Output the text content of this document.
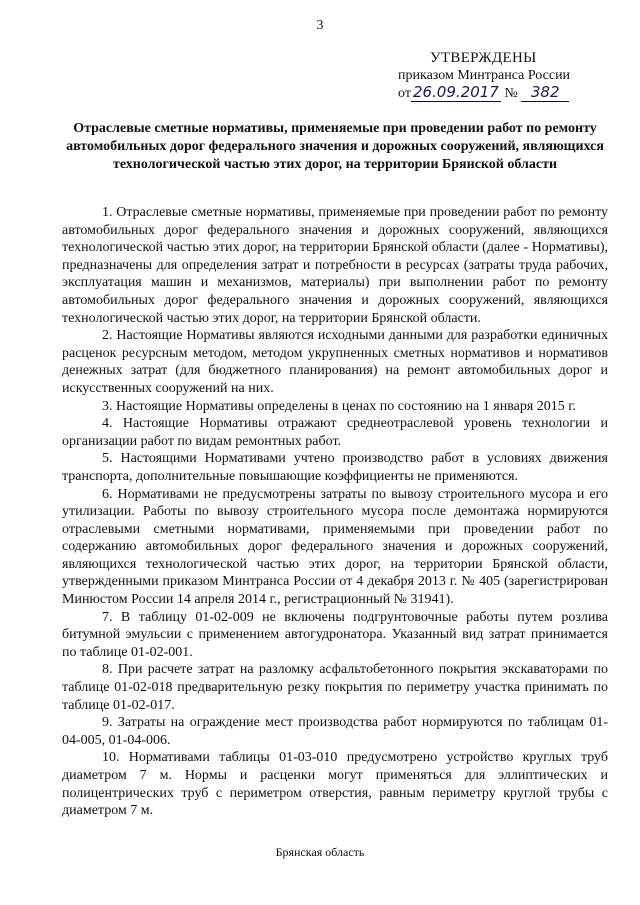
3
УТВЕРЖДЕНЫ
приказом Минтранса России
от 26.09.2017 № 382
Отраслевые сметные нормативы, применяемые при проведении работ по ремонту автомобильных дорог федерального значения и дорожных сооружений, являющихся технологической частью этих дорог, на территории Брянской области

1. Отраслевые сметные нормативы, применяемые при проведении работ по ремонту автомобильных дорог федерального значения и дорожных сооружений, являющихся технологической частью этих дорог, на территории Брянской области (далее - Нормативы), предназначены для определения затрат и потребности в ресурсах (затраты труда рабочих, эксплуатация машин и механизмов, материалы) при выполнении работ по ремонту автомобильных дорог федерального значения и дорожных сооружений, являющихся технологической частью этих дорог, на территории Брянской области.

2. Настоящие Нормативы являются исходными данными для разработки единичных расценок ресурсным методом, методом укрупненных сметных нормативов и нормативов денежных затрат (для бюджетного планирования) на ремонт автомобильных дорог и искусственных сооружений на них.

3. Настоящие Нормативы определены в ценах по состоянию на 1 января 2015 г.

4. Настоящие Нормативы отражают среднеотраслевой уровень технологии и организации работ по видам ремонтных работ.

5. Настоящими Нормативами учтено производство работ в условиях движения транспорта, дополнительные повышающие коэффициенты не применяются.

6. Нормативами не предусмотрены затраты по вывозу строительного мусора и его утилизации. Работы по вывозу строительного мусора после демонтажа нормируются отраслевыми сметными нормативами, применяемыми при проведении работ по содержанию автомобильных дорог федерального значения и дорожных сооружений, являющихся технологической частью этих дорог, на территории Брянской области, утвержденными приказом Минтранса России от 4 декабря 2013 г. № 405 (зарегистрирован Минюстом России 14 апреля 2014 г., регистрационный № 31941).

7. В таблицу 01-02-009 не включены подгрунтовочные работы путем розлива битумной эмульсии с применением автогудронатора. Указанный вид затрат принимается по таблице 01-02-001.

8. При расчете затрат на разломку асфальтобетонного покрытия экскаваторами по таблице 01-02-018 предварительную резку покрытия по периметру участка принимать по таблице 01-02-017.

9. Затраты на ограждение мест производства работ нормируются по таблицам 01-04-005, 01-04-006.

10. Нормативами таблицы 01-03-010 предусмотрено устройство круглых труб диаметром 7 м. Нормы и расценки могут применяться для эллиптических и полицентрических труб с периметром отверстия, равным периметру круглой трубы с диаметром 7 м.

Брянская область
